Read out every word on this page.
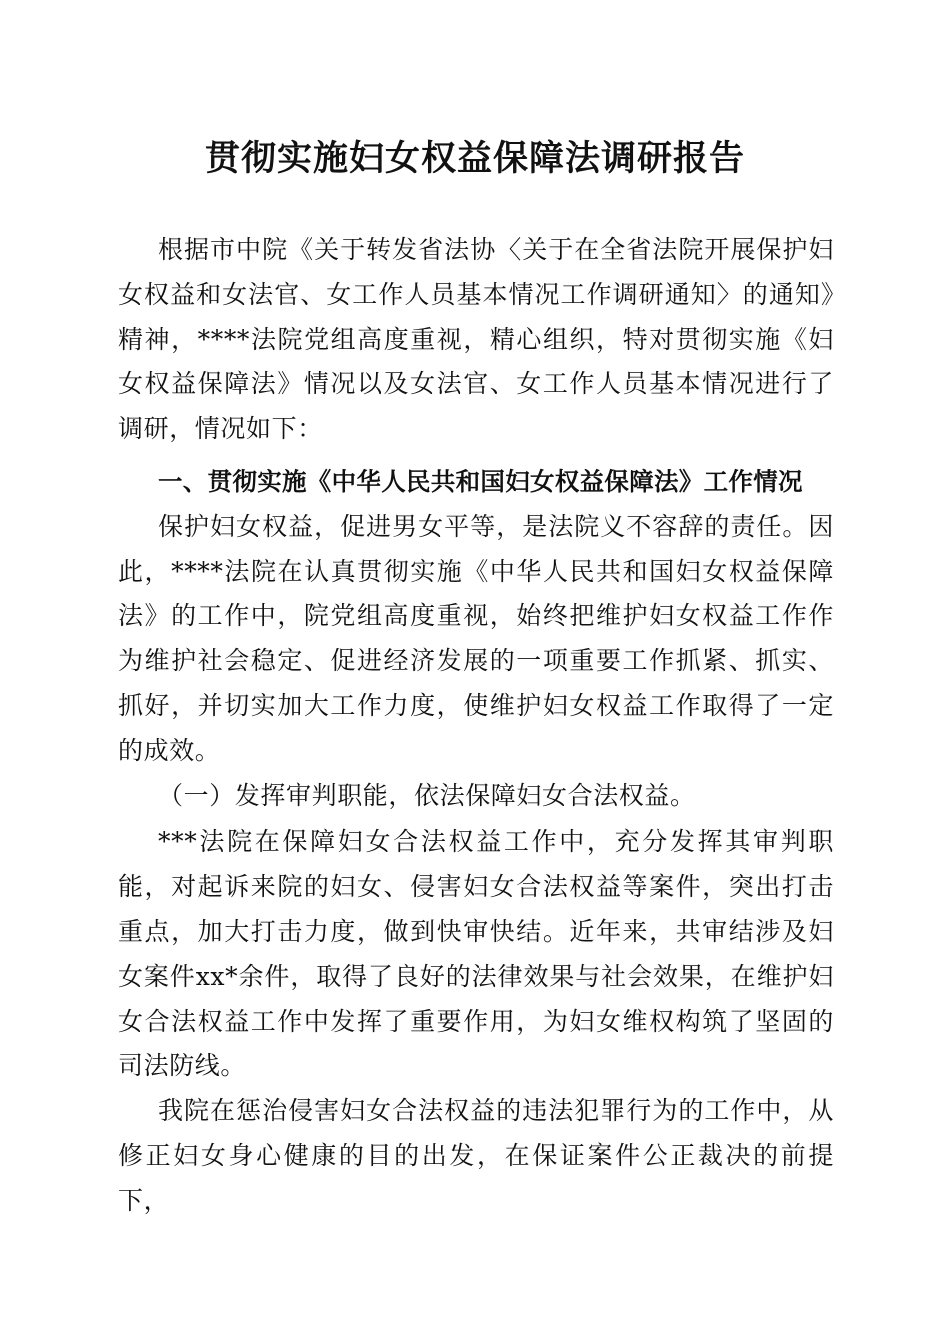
贯彻实施妇女权益保障法调研报告

根据市中院《关于转发省法协〈关于在全省法院开展保护妇女权益和女法官、女工作人员基本情况工作调研通知〉的通知》精神，****法院党组高度重视，精心组织，特对贯彻实施《妇女权益保障法》情况以及女法官、女工作人员基本情况进行了调研，情况如下：

一、贯彻实施《中华人民共和国妇女权益保障法》工作情况

保护妇女权益，促进男女平等，是法院义不容辞的责任。因此，****法院在认真贯彻实施《中华人民共和国妇女权益保障法》的工作中，院党组高度重视，始终把维护妇女权益工作作为维护社会稳定、促进经济发展的一项重要工作抓紧、抓实、抓好，并切实加大工作力度，使维护妇女权益工作取得了一定的成效。

（一）发挥审判职能，依法保障妇女合法权益。

***法院在保障妇女合法权益工作中，充分发挥其审判职能，对起诉来院的妇女、侵害妇女合法权益等案件，突出打击重点，加大打击力度，做到快审快结。近年来，共审结涉及妇女案件xx*余件，取得了良好的法律效果与社会效果，在维护妇女合法权益工作中发挥了重要作用，为妇女维权构筑了坚固的司法防线。

我院在惩治侵害妇女合法权益的违法犯罪行为的工作中，从修正妇女身心健康的目的出发，在保证案件公正裁决的前提下，
